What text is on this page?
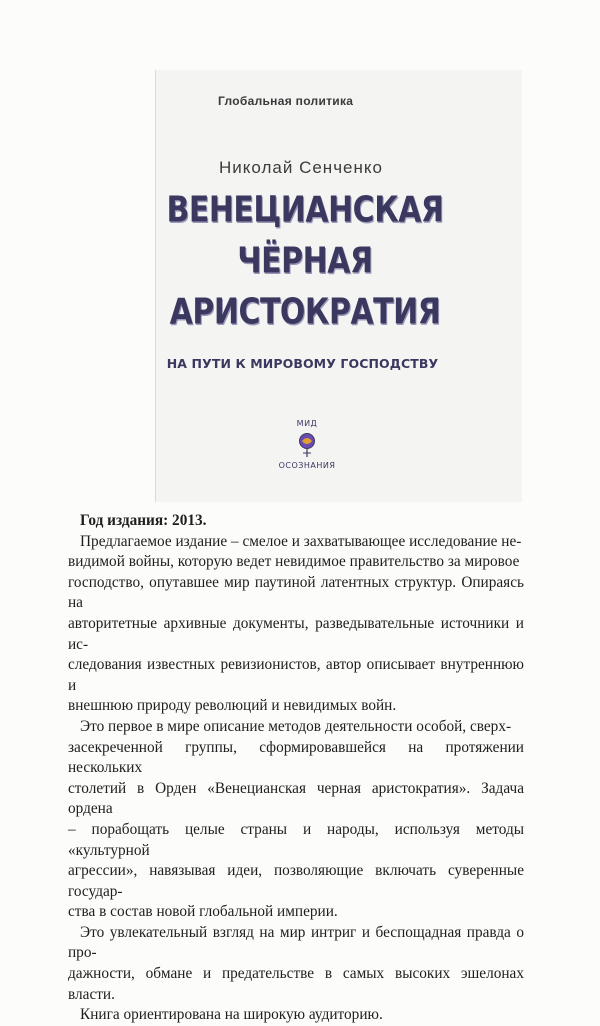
Глобальная политика
Николай Сенченко
ВЕНЕЦИАНСКАЯ
ЧЁРНАЯ
АРИСТОКРАТИЯ
НА ПУТИ К МИРОВОМУ ГОСПОДСТВУ
МИД
ОСОЗНАНИЯ
Год издания: 2013.

Предлагаемое издание – смелое и захватывающее исследование не-
видимой войны, которую ведет невидимое правительство за мировое
господство, опутавшее мир паутиной латентных структур. Опираясь на
авторитетные архивные документы, разведывательные источники и ис-
следования известных ревизионистов, автор описывает внутреннюю и
внешнюю природу революций и невидимых войн.

Это первое в мире описание методов деятельности особой, сверх-
засекреченной группы, сформировавшейся на протяжении нескольких
столетий в Орден «Венецианская черная аристократия». Задача ордена
– порабощать целые страны и народы, используя методы «культурной
агрессии», навязывая идеи, позволяющие включать суверенные государ-
ства в состав новой глобальной империи.

Это увлекательный взгляд на мир интриг и беспощадная правда о про-
дажности, обмане и предательстве в самых высоких эшелонах власти.

Книга ориентирована на широкую аудиторию.
